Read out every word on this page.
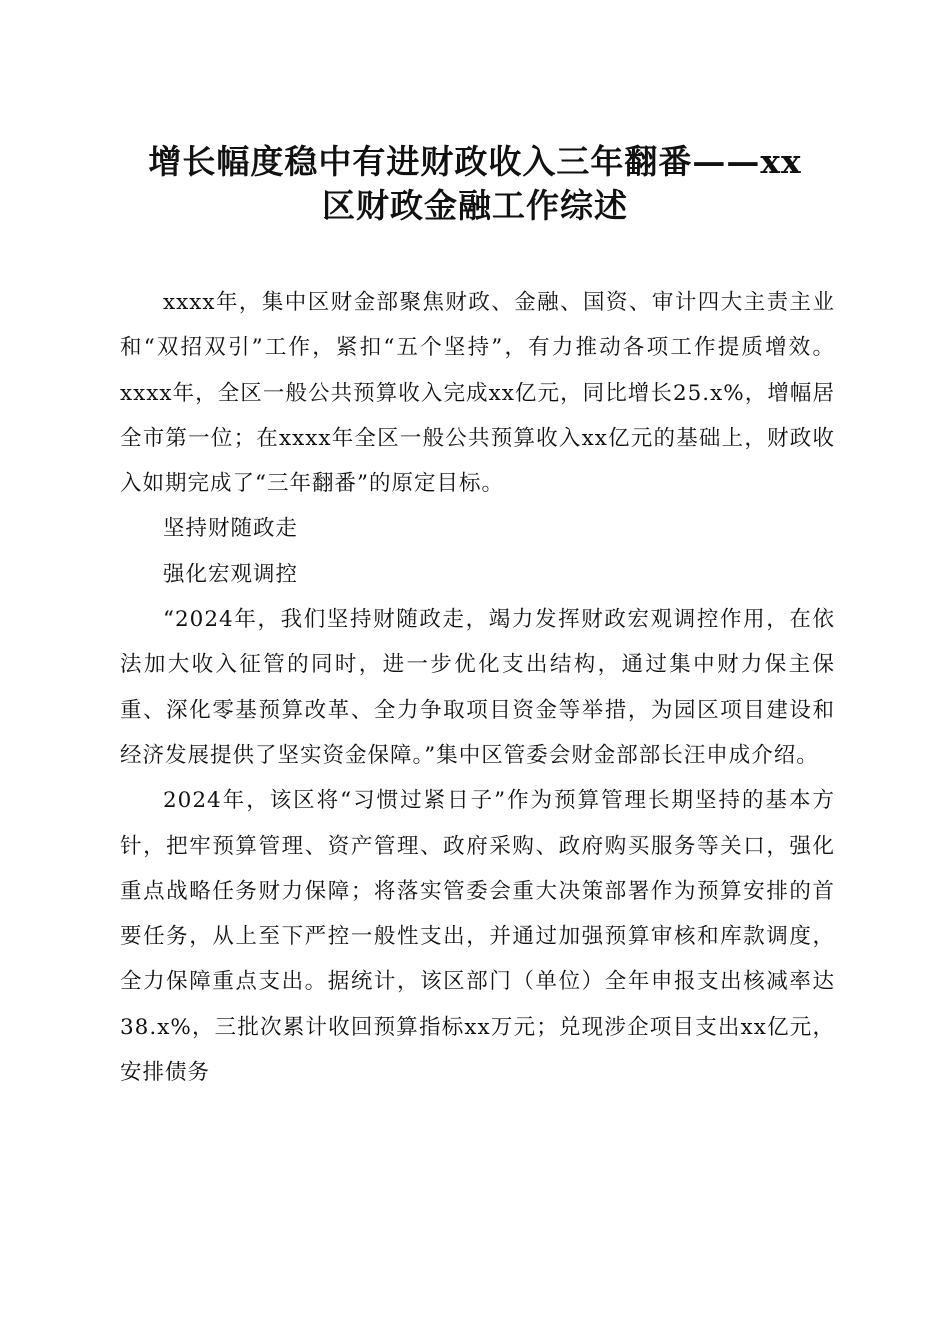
增长幅度稳中有进财政收入三年翻番——xx
区财政金融工作综述

xxxx年，集中区财金部聚焦财政、金融、国资、审计四大主责主业和“双招双引”工作，紧扣“五个坚持”，有力推动各项工作提质增效。xxxx年，全区一般公共预算收入完成xx亿元，同比增长25.x%，增幅居全市第一位；在xxxx年全区一般公共预算收入xx亿元的基础上，财政收入如期完成了“三年翻番”的原定目标。

坚持财随政走

强化宏观调控

“2024年，我们坚持财随政走，竭力发挥财政宏观调控作用，在依法加大收入征管的同时，进一步优化支出结构，通过集中财力保主保重、深化零基预算改革、全力争取项目资金等举措，为园区项目建设和经济发展提供了坚实资金保障。”集中区管委会财金部部长汪申成介绍。

2024年，该区将“习惯过紧日子”作为预算管理长期坚持的基本方针，把牢预算管理、资产管理、政府采购、政府购买服务等关口，强化重点战略任务财力保障；将落实管委会重大决策部署作为预算安排的首要任务，从上至下严控一般性支出，并通过加强预算审核和库款调度，全力保障重点支出。据统计，该区部门（单位）全年申报支出核减率达38.x%，三批次累计收回预算指标xx万元；兑现涉企项目支出xx亿元，安排债务
